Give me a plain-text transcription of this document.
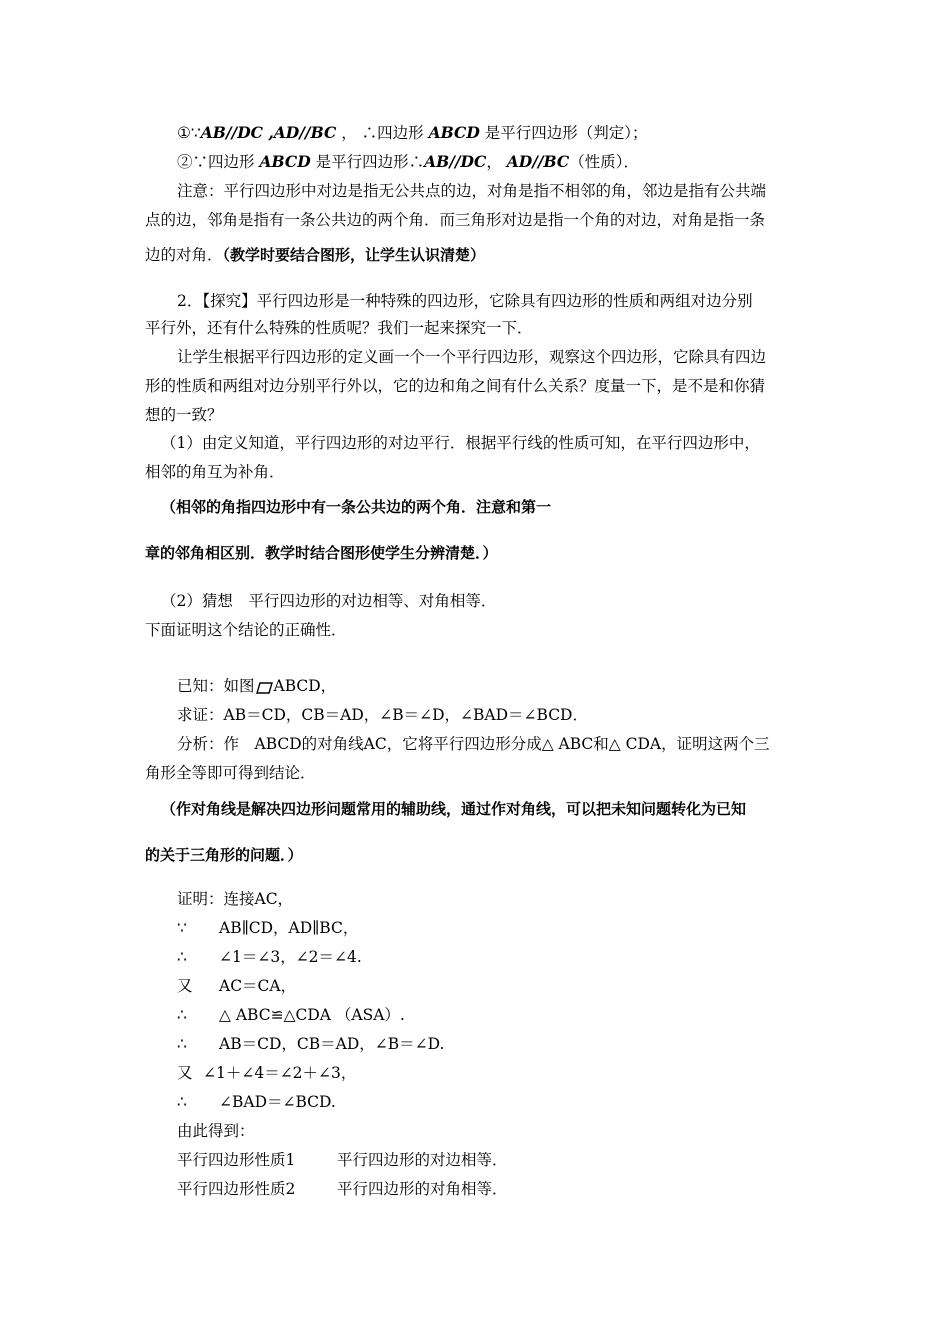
①∵AB//DC ,AD//BC ， ∴四边形 ABCD 是平行四边形（判定）；
②∵四边形 ABCD 是平行四边形∴AB//DC， AD//BC（性质）．
注意：平行四边形中对边是指无公共点的边，对角是指不相邻的角，邻边是指有公共端
点的边，邻角是指有一条公共边的两个角．而三角形对边是指一个角的对边，对角是指一条
边的对角．（教学时要结合图形，让学生认识清楚）
2．【探究】平行四边形是一种特殊的四边形，它除具有四边形的性质和两组对边分别
平行外，还有什么特殊的性质呢？我们一起来探究一下．
让学生根据平行四边形的定义画一个一个平行四边形，观察这个四边形，它除具有四边
形的性质和两组对边分别平行外以，它的边和角之间有什么关系？度量一下，是不是和你猜
想的一致？
（1）由定义知道，平行四边形的对边平行．根据平行线的性质可知，在平行四边形中，
相邻的角互为补角．
（相邻的角指四边形中有一条公共边的两个角．注意和第一
章的邻角相区别．教学时结合图形使学生分辨清楚．）
（2）猜想　平行四边形的对边相等、对角相等．
下面证明这个结论的正确性．
已知：如图 ABCD，
求证：AB＝CD，CB＝AD，∠B＝∠D，∠BAD＝∠BCD．
分析：作　ABCD的对角线AC，它将平行四边形分成△ ABC和△ CDA，证明这两个三
角形全等即可得到结论．
（作对角线是解决四边形问题常用的辅助线，通过作对角线，可以把未知问题转化为已知
的关于三角形的问题．）
证明：连接AC，
∵ AB∥CD，AD∥BC，
∴ ∠1＝∠3，∠2＝∠4.
又 AC＝CA，
∴ △ ABC≌△CDA （ASA）.
∴ AB＝CD，CB＝AD，∠B＝∠D.
又 ∠1＋∠4＝∠2＋∠3，
∴ ∠BAD＝∠BCD.
由此得到：
平行四边形性质1	平行四边形的对边相等．
平行四边形性质2	平行四边形的对角相等．
